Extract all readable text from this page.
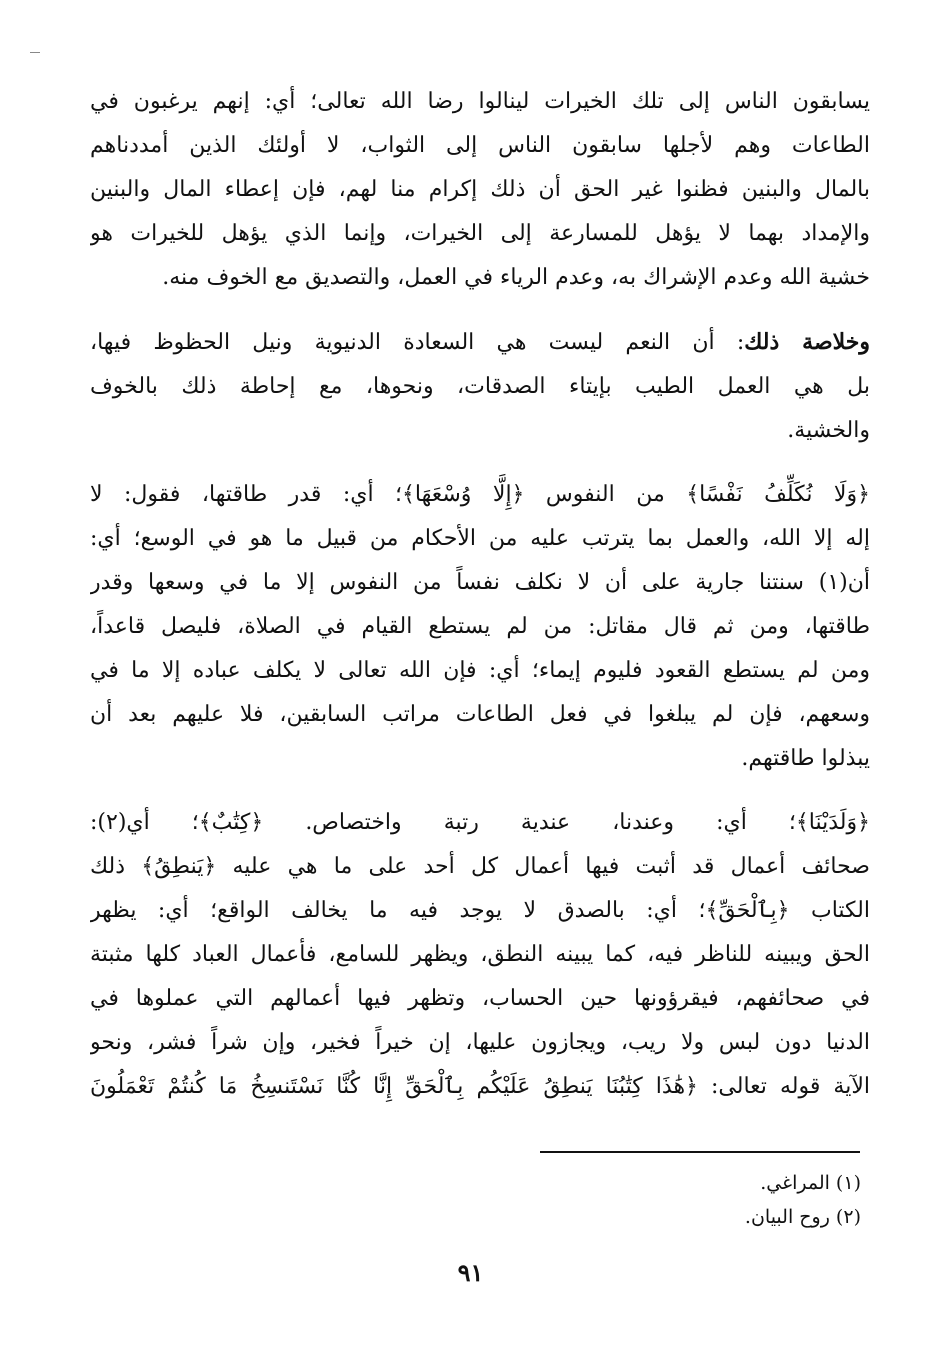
يسابقون الناس إلى تلك الخيرات لينالوا رضا الله تعالى؛ أي: إنهم يرغبون في
الطاعات وهم لأجلها سابقون الناس إلى الثواب، لا أولئك الذين أمددناهم
بالمال والبنين فظنوا غير الحق أن ذلك إكرام منا لهم، فإن إعطاء المال والبنين
والإمداد بهما لا يؤهل للمسارعة إلى الخيرات، وإنما الذي يؤهل للخيرات هو
خشية الله وعدم الإشراك به، وعدم الرياء في العمل، والتصديق مع الخوف منه.
وخلاصة ذلك: أن النعم ليست هي السعادة الدنيوية ونيل الحظوظ فيها،
بل هي العمل الطيب بإيتاء الصدقات، ونحوها، مع إحاطة ذلك بالخوف
والخشية.
﴿وَلَا نُكَلِّفُ نَفْسًا﴾ من النفوس ﴿إِلَّا وُسْعَهَا﴾؛ أي: قدر طاقتها، فقول: لا
إله إلا الله، والعمل بما يترتب عليه من الأحكام من قبيل ما هو في الوسع؛ أي:
أن(١) سنتنا جارية على أن لا نكلف نفساً من النفوس إلا ما في وسعها وقدر
طاقتها، ومن ثم قال مقاتل: من لم يستطع القيام في الصلاة، فليصل قاعداً،
ومن لم يستطع القعود فليوم إيماء؛ أي: فإن الله تعالى لا يكلف عباده إلا ما في
وسعهم، فإن لم يبلغوا في فعل الطاعات مراتب السابقين، فلا عليهم بعد أن
يبذلوا طاقتهم.
﴿وَلَدَيْنَا﴾؛ أي: وعندنا، عندية رتبة واختصاص. ﴿كِتَٰبٌ﴾؛ أي(٢):
صحائف أعمال قد أثبت فيها أعمال كل أحد على ما هي عليه ﴿يَنطِقُ﴾ ذلك
الكتاب ﴿بِٱلْحَقِّ﴾؛ أي: بالصدق لا يوجد فيه ما يخالف الواقع؛ أي: يظهر
الحق ويبينه للناظر فيه، كما يبينه النطق، ويظهر للسامع، فأعمال العباد كلها مثبتة
في صحائفهم، فيقرؤونها حين الحساب، وتظهر فيها أعمالهم التي عملوها في
الدنيا دون لبس ولا ريب، ويجازون عليها، إن خيراً فخير، وإن شراً فشر، ونحو
الآية قوله تعالى: ﴿هَٰذَا كِتَٰبُنَا يَنطِقُ عَلَيْكُم بِٱلْحَقِّ إِنَّا كُنَّا نَسْتَنسِخُ مَا كُنتُمْ تَعْمَلُونَ
(١) المراغي.
(٢) روح البيان.
٩١
